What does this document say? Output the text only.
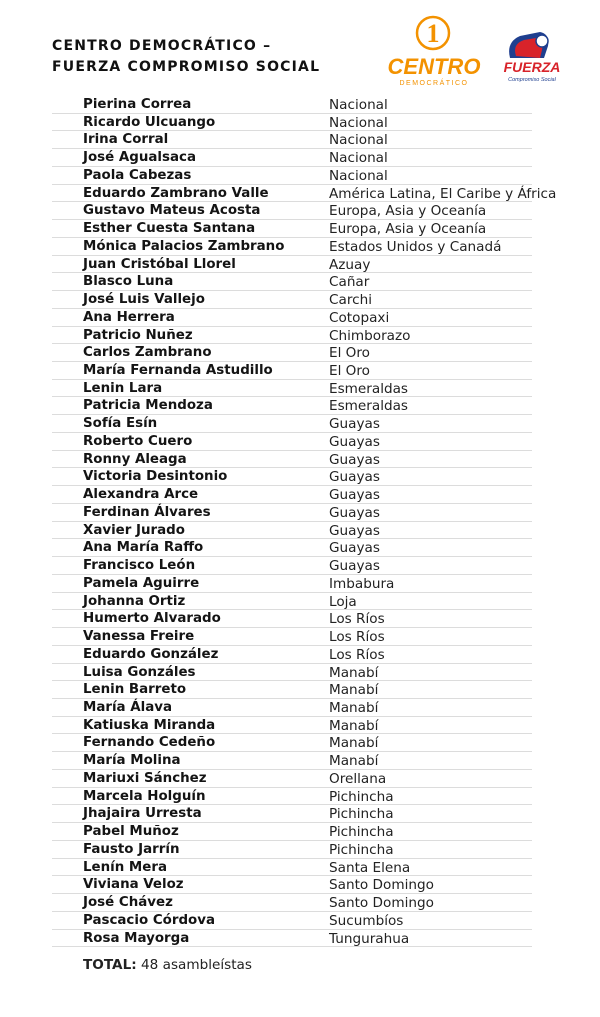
CENTRO DEMOCRÁTICO –
FUERZA COMPROMISO SOCIAL
1
CENTRO
DEMOCRÁTICO
FUERZA
Compromiso Social
Pierina Correa	Nacional
Ricardo Ulcuango	Nacional
Irina Corral	Nacional
José Agualsaca	Nacional
Paola Cabezas	Nacional
Eduardo Zambrano Valle	América Latina, El Caribe y África
Gustavo Mateus Acosta	Europa, Asia y Oceanía
Esther Cuesta Santana	Europa, Asia y Oceanía
Mónica Palacios Zambrano	Estados Unidos y Canadá
Juan Cristóbal Llorel	Azuay
Blasco Luna	Cañar
José Luis Vallejo	Carchi
Ana Herrera	Cotopaxi
Patricio Nuñez	Chimborazo
Carlos Zambrano	El Oro
María Fernanda Astudillo	El Oro
Lenin Lara	Esmeraldas
Patricia Mendoza	Esmeraldas
Sofía Esín	Guayas
Roberto Cuero	Guayas
Ronny Aleaga	Guayas
Victoria Desintonio	Guayas
Alexandra Arce	Guayas
Ferdinan Álvares	Guayas
Xavier Jurado	Guayas
Ana María Raffo	Guayas
Francisco León	Guayas
Pamela Aguirre	Imbabura
Johanna Ortiz	Loja
Humerto Alvarado	Los Ríos
Vanessa Freire	Los Ríos
Eduardo González	Los Ríos
Luisa Gonzáles	Manabí
Lenin Barreto	Manabí
María Álava	Manabí
Katiuska Miranda	Manabí
Fernando Cedeño	Manabí
María Molina	Manabí
Mariuxi Sánchez	Orellana
Marcela Holguín	Pichincha
Jhajaira Urresta	Pichincha
Pabel Muñoz	Pichincha
Fausto Jarrín	Pichincha
Lenín Mera	Santa Elena
Viviana Veloz	Santo Domingo
José Chávez	Santo Domingo
Pascacio Córdova	Sucumbíos
Rosa Mayorga	Tungurahua
TOTAL: 48 asambleístas
